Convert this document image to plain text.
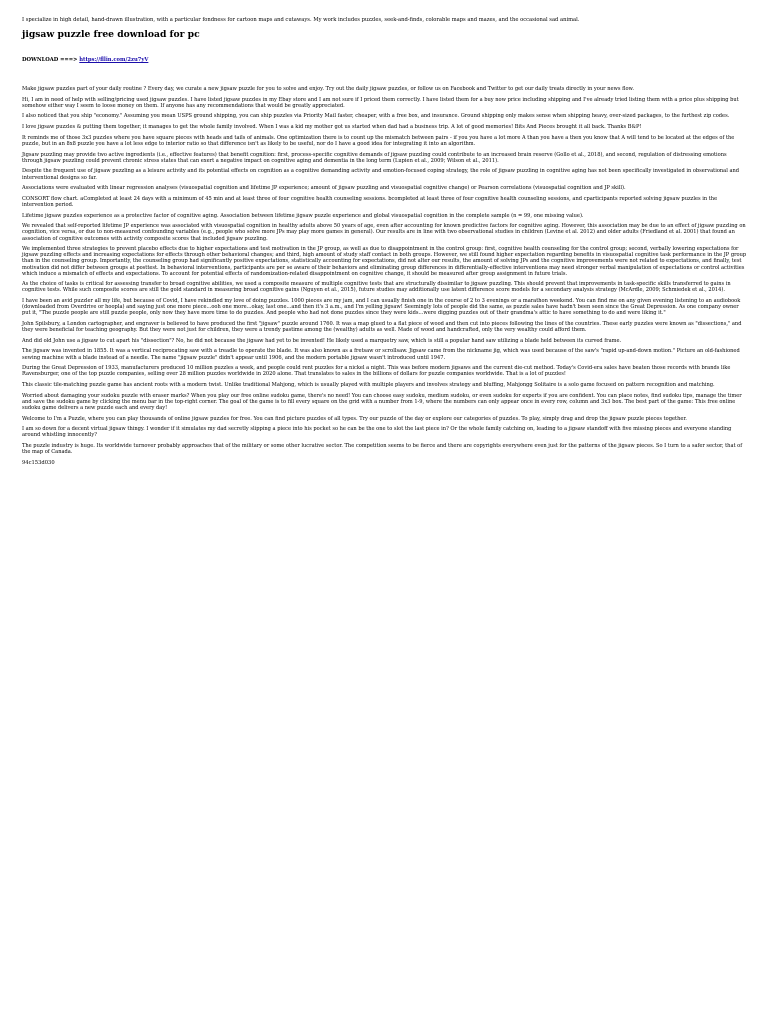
I specialize in high detail, hand-drawn illustration, with a particular fondness for cartoon maps and cutaways. My work includes puzzles, seek-and-finds, colorable maps and mazes, and the occasional sad animal.

jigsaw puzzle free download for pc

DOWNLOAD ===> https://fllin.com/2zu7yV

Make jigsaw puzzles part of your daily routine ? Every day, we curate a new jigsaw puzzle for you to solve and enjoy. Try out the daily jigsaw puzzles, or follow us on Facebook and Twitter to get our daily treats directly in your news flow.

Hi, I am in need of help with selling/pricing used jigsaw puzzles. I have listed jigsaw puzzles in my Ebay store and I am not sure if I priced them correctly. I have listed them for a buy now price including shipping and I've already tried listing them with a price plus shipping but somehow either way I seem to loose money on them. If anyone has any recommendations that would be greatly appreciated.

I also noticed that you ship "economy." Assuming you mean USPS ground shipping, you can ship puzzles via Priority Mail faster, cheaper, with a free box, and insurance. Ground shipping only makes sense when shipping heavy, over-sized packages, to the furthest zip codes.

I love jigsaw puzzles & putting them together, it manages to get the whole family involved. When I was a kid my mother got us started when dad had a business trip. A lot of good memories! Bits And Pieces brought it all back. Thanks B&P!

It reminds me of those 3x3 puzzles where you have square pieces with heads and tails of animals. One optimization there is to count up the mismatch between pairs - if you you have a lot more A than you have a then you know that A will tend to be located at the edges of the puzzle, but in an 8x8 puzzle you have a lot less edge to interior ratio so that difference isn't as likely to be useful, nor do I have a good idea for integrating it into an algorithm.

Jigsaw puzzling may provide two active ingredients (i.e., effective features) that benefit cognition: first, process-specific cognitive demands of jigsaw puzzling could contribute to an increased brain reserve (Gollo et al., 2018), and second, regulation of distressing emotions through jigsaw puzzling could prevent chronic stress states that can exert a negative impact on cognitive aging and dementia in the long term (Lupien et al., 2009; Wilson et al., 2011).

Despite the frequent use of jigsaw puzzling as a leisure activity and its potential effects on cognition as a cognitive demanding activity and emotion-focused coping strategy, the role of jigsaw puzzling in cognitive aging has not been specifically investigated in observational and interventional designs so far.

Associations were evaluated with linear regression analyses (visuospatial cognition and lifetime JP experience; amount of jigsaw puzzling and visuospatial cognitive change) or Pearson correlations (visuospatial cognition and JP skill).

CONSORT flow chart. aCompleted at least 24 days with a minimum of 45 min and at least three of four cognitive health counseling sessions. bcompleted at least three of four cognitive health counseling sessions, and cparticipants reported solving jigsaw puzzles in the intervention period.

Lifetime jigsaw puzzles experience as a protective factor of cognitive aging. Association between lifetime jigsaw puzzle experience and global visuospatial cognition in the complete sample (n = 99, one missing value).

We revealed that self-reported lifetime JP experience was associated with visuospatial cognition in healthy adults above 50 years of age, even after accounting for known predictive factors for cognitive aging. However, this association may be due to an effect of jigsaw puzzling on cognition, vice versa, or due to non-measured confounding variables (e.g., people who solve more JPs may play more games in general). Our results are in line with two observational studies in children (Levine et al. 2012) and older adults (Friedland et al. 2001) that found an association of cognitive outcomes with activity composite scores that included jigsaw puzzling.

We implemented three strategies to prevent placebo effects due to higher expectations and test motivation in the JP group, as well as due to disappointment in the control group: first, cognitive health counseling for the control group; second, verbally lowering expectations for jigsaw puzzling effects and increasing expectations for effects through other behavioral changes; and third, high amount of study staff contact in both groups. However, we still found higher expectation regarding benefits in visuospatial cognitive task performance in the JP group than in the counseling group. Importantly, the counseling group had significantly positive expectations, statistically accounting for expectations, did not alter our results, the amount of solving JPs and the cognitive improvements were not related to expectations, and finally, test motivation did not differ between groups at posttest. In behavioral interventions, participants are per se aware of their behaviors and eliminating group differences in differentially-effective interventions may need stronger verbal manipulation of expectations or control activities which induce a mismatch of effects and expectations. To account for potential effects of randomization-related disappointment on cognitive change, it should be measured after group assignment in future trials.

As the choice of tasks is critical for assessing transfer to broad cognitive abilities, we used a composite measure of multiple cognitive tests that are structurally dissimilar to jigsaw puzzling. This should prevent that improvements in task-specific skills transferred to gains in cognitive tests. While such composite scores are still the gold standard in measuring broad cognitive gains (Nguyen et al., 2015), future studies may additionally use latent difference score models for a secondary analysis strategy (McArdle, 2009; Schmiedek et al., 2014).

I have been an avid puzzler all my life, but because of Covid, I have rekindled my love of doing puzzles. 1000 pieces are my jam, and I can usually finish one in the course of 2 to 3 evenings or a marathon weekend. You can find me on any given evening listening to an audiobook (downloaded from Overdrive or hoopla) and saying just one more piece...ooh one more...okay, last one...and then it's 3 a.m., and I'm yelling jigsaw! Seemingly lots of people did the same, as puzzle sales have hadn't been seen since the Great Depression. As one company owner put it, "The puzzle people are still puzzle people, only now they have more time to do puzzles. And people who had not done puzzles since they were kids...were digging puzzles out of their grandma's attic to have something to do and were liking it."

John Spilsbury, a London cartographer, and engraver is believed to have produced the first "jigsaw" puzzle around 1760. It was a map glued to a flat piece of wood and then cut into pieces following the lines of the countries. These early puzzles were known as "dissections," and they were beneficial for teaching geography. But they were not just for children, they were a trendy pastime among the (wealthy) adults as well. Made of wood and handcrafted, only the very wealthy could afford them.

And did old John use a jigsaw to cut apart his "dissection"? No, he did not because the jigsaw had yet to be invented! He likely used a marquetry saw, which is still a popular hand saw utilizing a blade held between its curved frame.

The jigsaw was invented in 1855. It was a vertical reciprocating saw with a treadle to operate the blade. It was also known as a fretsaw or scrollsaw. Jigsaw came from the nickname jig, which was used because of the saw's "rapid up-and-down motion." Picture an old-fashioned sewing machine with a blade instead of a needle. The name "jigsaw puzzle" didn't appear until 1906, and the modern portable jigsaw wasn't introduced until 1947.

During the Great Depression of 1933, manufacturers produced 10 million puzzles a week, and people could rent puzzles for a nickel a night. This was before modern jigsaws and the current die-cut method. Today's Covid-era sales have beaten those records with brands like Ravensburger, one of the top puzzle companies, selling over 28 million puzzles worldwide in 2020 alone. That translates to sales in the billions of dollars for puzzle companies worldwide. That is a lot of puzzles!

This classic tile-matching puzzle game has ancient roots with a modern twist. Unlike traditional Mahjong, which is usually played with multiple players and involves strategy and bluffing, Mahjongg Solitaire is a solo game focused on pattern recognition and matching.

Worried about damaging your sudoku puzzle with eraser marks? When you play our free online sudoku game, there's no need! You can choose easy sudoku, medium sudoku, or even sudoku for experts if you are confident. You can place notes, find sudoku tips, manage the timer and save the sudoku game by clicking the menu bar in the top-right corner. The goal of the game is to fill every square on the grid with a number from 1-9, where the numbers can only appear once in every row, column and 3x3 box. The best part of the game: This free online sudoku game delivers a new puzzle each and every day!

Welcome to I'm a Puzzle, where you can play thousands of online jigsaw puzzles for free. You can find picture puzzles of all types. Try our puzzle of the day or explore our categories of puzzles. To play, simply drag and drop the jigsaw puzzle pieces together.

I am so down for a decent virtual jigsaw thingy. I wonder if it simulates my dad secretly slipping a piece into his pocket so he can be the one to slot the last piece in? Or the whole family catching on, leading to a jigsaw standoff with five missing pieces and everyone standing around whistling innocently?

The puzzle industry is huge. Its worldwide turnover probably approaches that of the military or some other lucrative sector. The competition seems to be fierce and there are copyrights everywhere even just for the patterns of the jigsaw pieces. So I turn to a safer sector, that of the map of Canada.

94c153d030
